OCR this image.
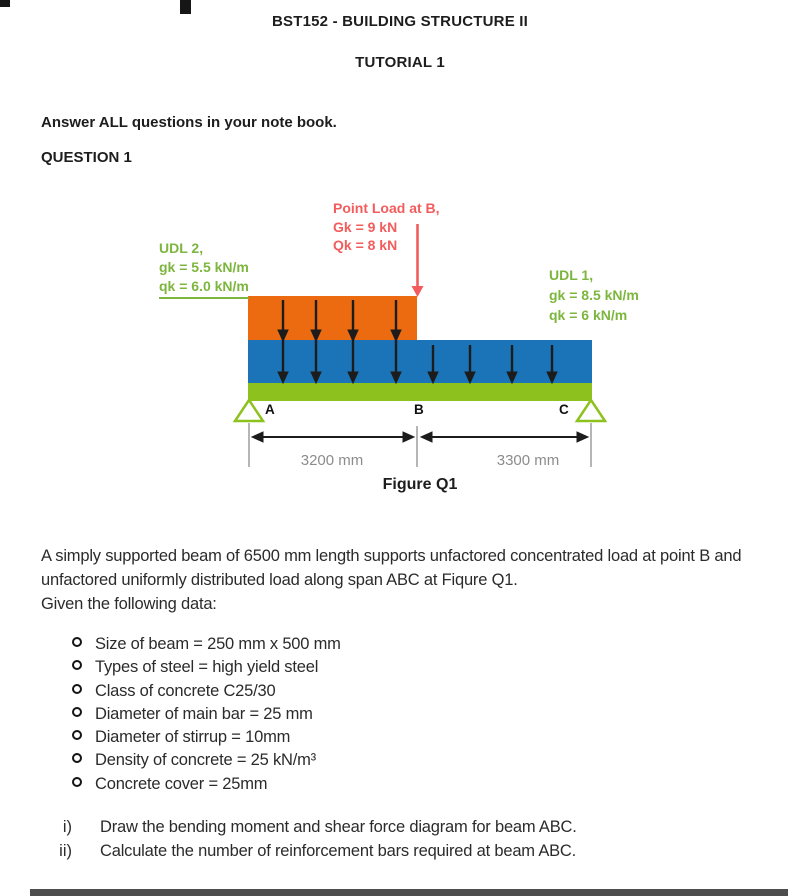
BST152 - BUILDING STRUCTURE II
TUTORIAL 1
Answer ALL questions in your note book.
QUESTION 1
Point Load at B,
Gk = 9 kN
Qk = 8 kN
UDL 2,
gk = 5.5 kN/m
qk = 6.0 kN/m
UDL 1,
gk = 8.5 kN/m
qk = 6 kN/m
A	B	C
3200 mm	3300 mm
Figure Q1
A simply supported beam of 6500 mm length supports unfactored concentrated load at point B and
unfactored uniformly distributed load along span ABC at Fiqure Q1.
Given the following data:
Size of beam = 250 mm x 500 mm
Types of steel = high yield steel
Class of concrete C25/30
Diameter of main bar = 25 mm
Diameter of stirrup = 10mm
Density of concrete = 25 kN/m³
Concrete cover = 25mm
i) Draw the bending moment and shear force diagram for beam ABC.
ii) Calculate the number of reinforcement bars required at beam ABC.
